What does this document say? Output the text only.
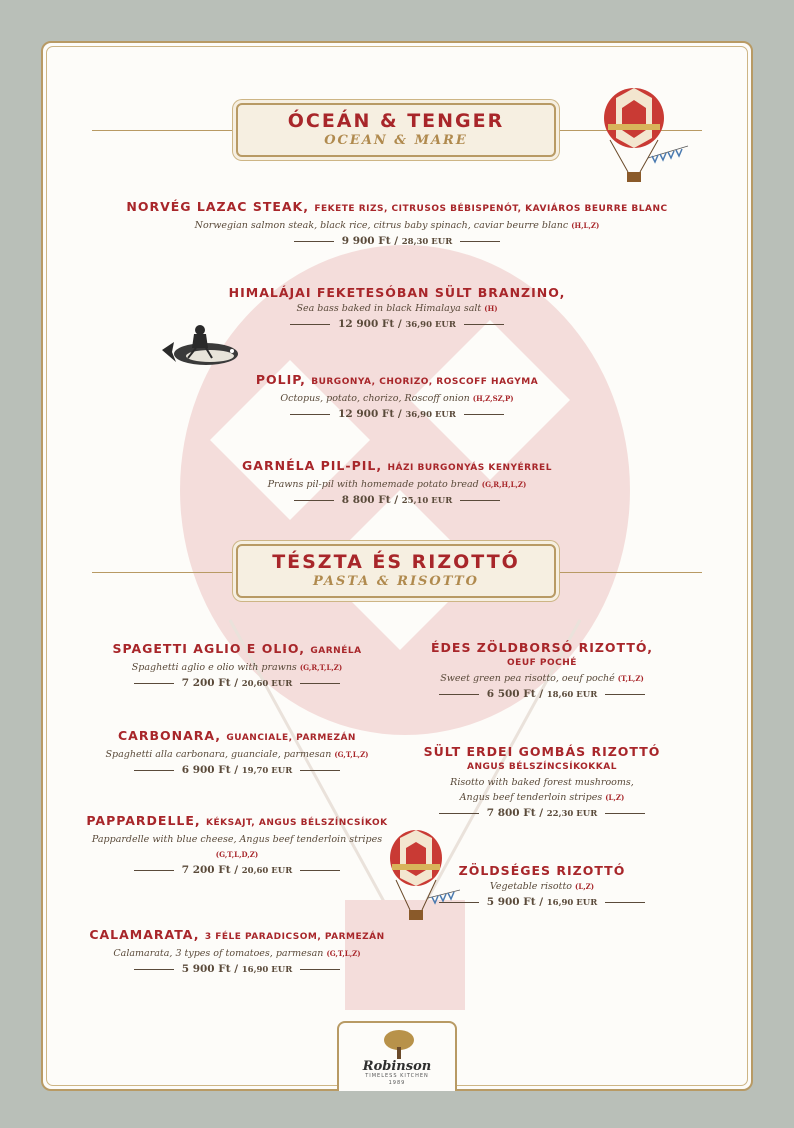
ÓCEÁN & TENGER
OCEAN & MARE
NORVÉG LAZAC STEAK, FEKETE RIZS, CITRUSOS BÉBISPENÓT, KAVIÁROS BEURRE BLANC
Norwegian salmon steak, black rice, citrus baby spinach, caviar beurre blanc (H,L,Z)
9 900 Ft / 28,30 EUR
HIMALÁJAI FEKETESÓBAN SÜLT BRANZINO,
Sea bass baked in black Himalaya salt (H)
12 900 Ft / 36,90 EUR
POLIP, BURGONYA, CHORIZO, ROSCOFF HAGYMA
Octopus, potato, chorizo, Roscoff onion (H,Z,SZ,P)
12 900 Ft / 36,90 EUR
GARNÉLA PIL-PIL, HÁZI BURGONYÁS KENYÉRREL
Prawns pil-pil with homemade potato bread (G,R,H,L,Z)
8 800 Ft / 25,10 EUR
TÉSZTA ÉS RIZOTTÓ
PASTA & RISOTTO
SPAGETTI AGLIO E OLIO, GARNÉLA
Spaghetti aglio e olio with prawns (G,R,T,L,Z)
7 200 Ft / 20,60 EUR
CARBONARA, GUANCIALE, PARMEZÁN
Spaghetti alla carbonara, guanciale, parmesan (G,T,L,Z)
6 900 Ft / 19,70 EUR
PAPPARDELLE, KÉKSAJT, ANGUS BÉLSZÍNCSÍKOK
Pappardelle with blue cheese, Angus beef tenderloin stripes
(G,T,L,D,Z)
7 200 Ft / 20,60 EUR
CALAMARATA, 3 FÉLE PARADICSOM, PARMEZÁN
Calamarata, 3 types of tomatoes, parmesan (G,T,L,Z)
5 900 Ft / 16,90 EUR
ÉDES ZÖLDBORSÓ RIZOTTÓ,
OEUF POCHÉ
Sweet green pea risotto, oeuf poché (T,L,Z)
6 500 Ft / 18,60 EUR
SÜLT ERDEI GOMBÁS RIZOTTÓ
ANGUS BÉLSZÍNCSÍKOKKAL
Risotto with baked forest mushrooms,
Angus beef tenderloin stripes (L,Z)
7 800 Ft / 22,30 EUR
ZÖLDSÉGES RIZOTTÓ
Vegetable risotto (L,Z)
5 900 Ft / 16,90 EUR
Robinson
TIMELESS KITCHEN
1989
